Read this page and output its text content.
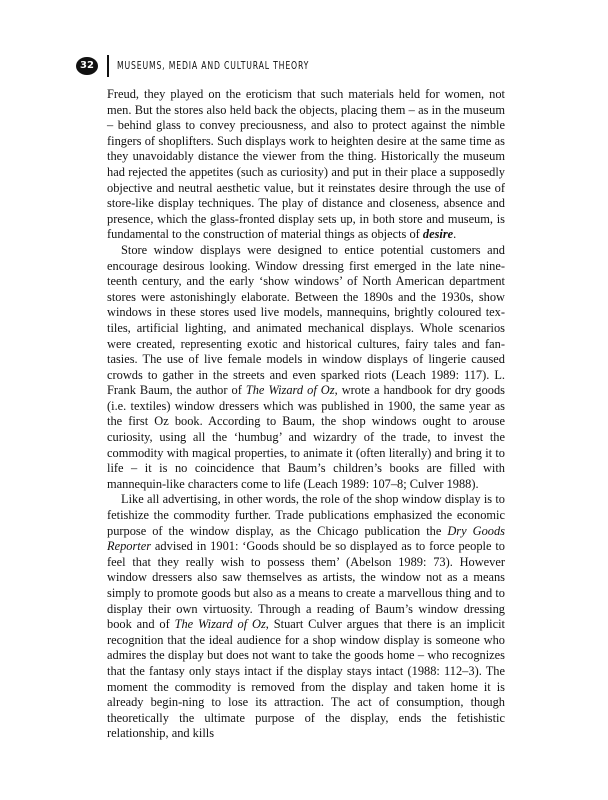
32	MUSEUMS, MEDIA AND CULTURAL THEORY

Freud, they played on the eroticism that such materials held for women, not men. But the stores also held back the objects, placing them – as in the museum – behind glass to convey preciousness, and also to protect against the nimble fingers of shoplifters. Such displays work to heighten desire at the same time as they unavoidably distance the viewer from the thing. Historically the museum had rejected the appetites (such as curiosity) and put in their place a supposedly objective and neutral aesthetic value, but it reinstates desire through the use of store-like display techniques. The play of distance and closeness, absence and presence, which the glass-fronted display sets up, in both store and museum, is fundamental to the construction of material things as objects of desire.

Store window displays were designed to entice potential customers and encourage desirous looking. Window dressing first emerged in the late nine-teenth century, and the early ‘show windows’ of North American department stores were astonishingly elaborate. Between the 1890s and the 1930s, show windows in these stores used live models, mannequins, brightly coloured tex-tiles, artificial lighting, and animated mechanical displays. Whole scenarios were created, representing exotic and historical cultures, fairy tales and fan-tasies. The use of live female models in window displays of lingerie caused crowds to gather in the streets and even sparked riots (Leach 1989: 117). L. Frank Baum, the author of The Wizard of Oz, wrote a handbook for dry goods (i.e. textiles) window dressers which was published in 1900, the same year as the first Oz book. According to Baum, the shop windows ought to arouse curiosity, using all the ‘humbug’ and wizardry of the trade, to invest the commodity with magical properties, to animate it (often literally) and bring it to life – it is no coincidence that Baum’s children’s books are filled with mannequin-like characters come to life (Leach 1989: 107–8; Culver 1988).

Like all advertising, in other words, the role of the shop window display is to fetishize the commodity further. Trade publications emphasized the economic purpose of the window display, as the Chicago publication the Dry Goods Reporter advised in 1901: ‘Goods should be so displayed as to force people to feel that they really wish to possess them’ (Abelson 1989: 73). However window dressers also saw themselves as artists, the window not as a means simply to promote goods but also as a means to create a marvellous thing and to display their own virtuosity. Through a reading of Baum’s window dressing book and of The Wizard of Oz, Stuart Culver argues that there is an implicit recognition that the ideal audience for a shop window display is someone who admires the display but does not want to take the goods home – who recognizes that the fantasy only stays intact if the display stays intact (1988: 112–3). The moment the commodity is removed from the display and taken home it is already begin-ning to lose its attraction. The act of consumption, though theoretically the ultimate purpose of the display, ends the fetishistic relationship, and kills
